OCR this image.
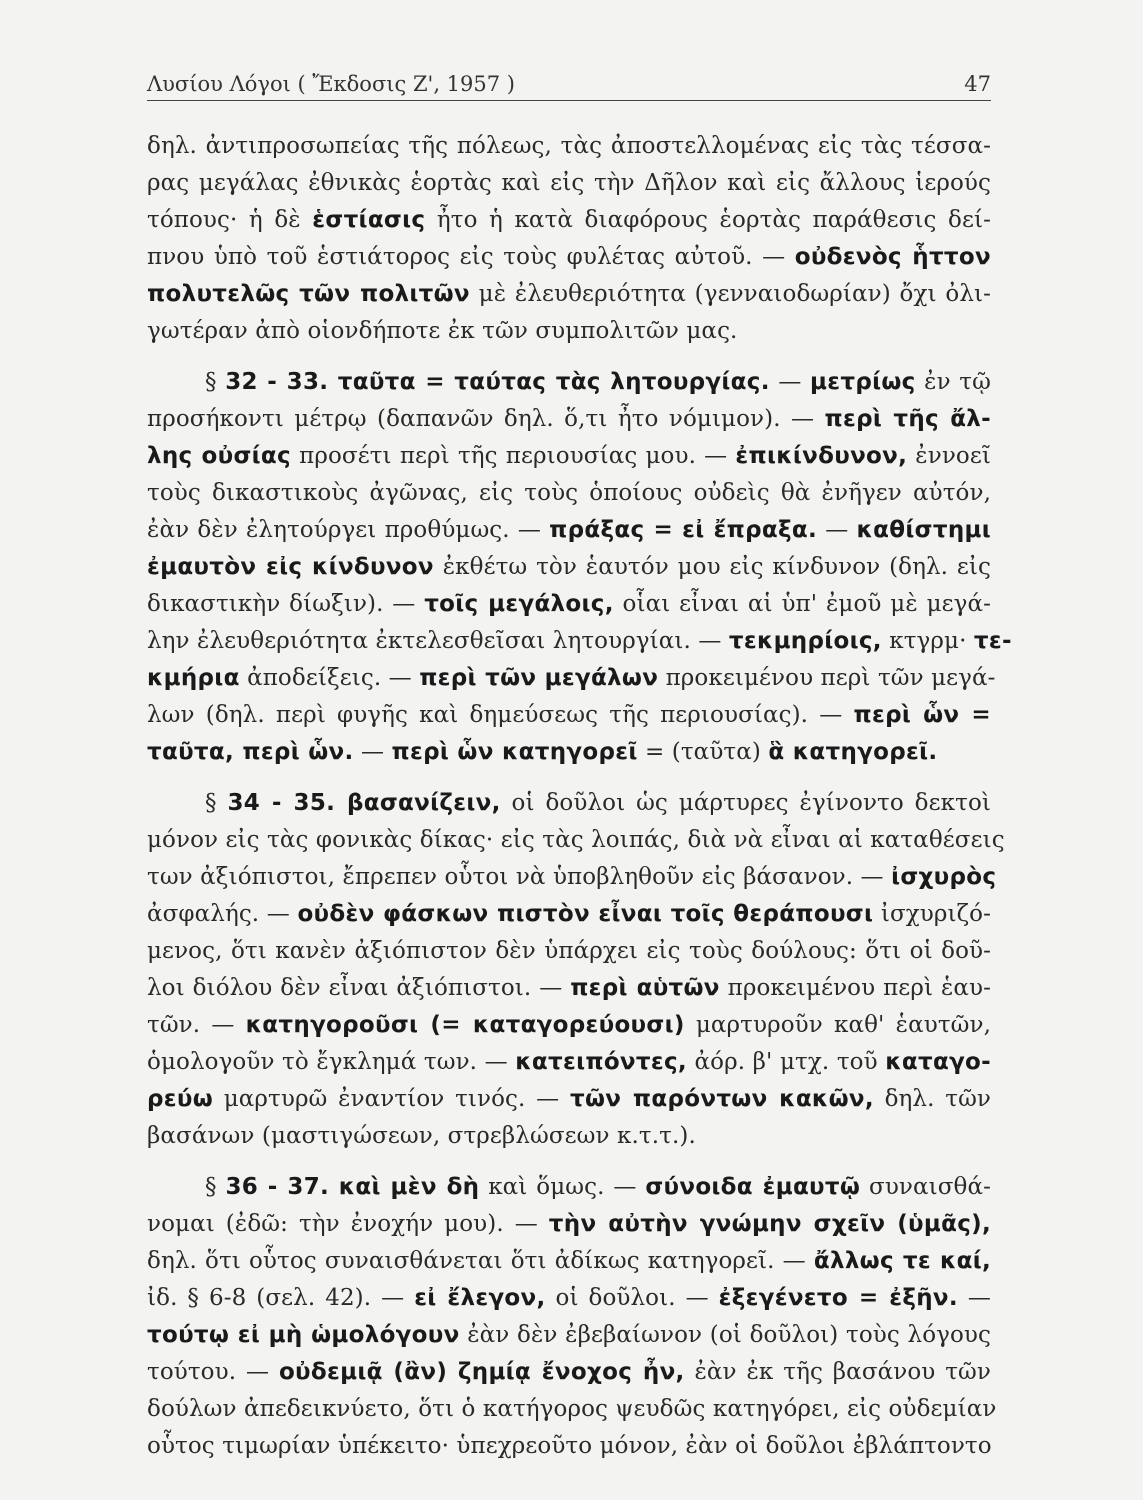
Λυσίου Λόγοι ( Ἔκδοσις Ζ', 1957 )	47
δηλ. ἀντιπροσωπείας τῆς πόλεως, τὰς ἀποστελλομένας εἰς τὰς τέσσα-
ρας μεγάλας ἐθνικὰς ἑορτὰς καὶ εἰς τὴν Δῆλον καὶ εἰς ἄλλους ἱερούς
τόπους· ἡ δὲ ἑστίασις ἦτο ἡ κατὰ διαφόρους ἑορτὰς παράθεσις δεί-
πνου ὑπὸ τοῦ ἑστιάτορος εἰς τοὺς φυλέτας αὐτοῦ. — οὐδενὸς ἧττον
πολυτελῶς τῶν πολιτῶν μὲ ἐλευθεριότητα (γενναιοδωρίαν) ὄχι ὀλι-
γωτέραν ἀπὸ οἱονδήποτε ἐκ τῶν συμπολιτῶν μας.
§ 32 - 33. ταῦτα = ταύτας τὰς λητουργίας. — μετρίως ἐν τῷ
προσήκοντι μέτρῳ (δαπανῶν δηλ. ὅ,τι ἦτο νόμιμον). — περὶ τῆς ἄλ-
λης οὐσίας προσέτι περὶ τῆς περιουσίας μου. — ἐπικίνδυνον, ἐννοεῖ
τοὺς δικαστικοὺς ἀγῶνας, εἰς τοὺς ὁποίους οὐδεὶς θὰ ἐνῆγεν αὐτόν,
ἐὰν δὲν ἐλητούργει προθύμως. — πράξας = εἰ ἔπραξα. — καθίστημι
ἐμαυτὸν εἰς κίνδυνον ἐκθέτω τὸν ἑαυτόν μου εἰς κίνδυνον (δηλ. εἰς
δικαστικὴν δίωξιν). — τοῖς μεγάλοις, οἷαι εἶναι αἱ ὑπ' ἐμοῦ μὲ μεγά-
λην ἐλευθεριότητα ἐκτελεσθεῖσαι λητουργίαι. — τεκμηρίοις, κτγρμ· τε-
κμήρια ἀποδείξεις. — περὶ τῶν μεγάλων προκειμένου περὶ τῶν μεγά-
λων (δηλ. περὶ φυγῆς καὶ δημεύσεως τῆς περιουσίας). — περὶ ὧν =
ταῦτα, περὶ ὧν. — περὶ ὧν κατηγορεῖ = (ταῦτα) ἃ κατηγορεῖ.
§ 34 - 35. βασανίζειν, οἱ δοῦλοι ὡς μάρτυρες ἐγίνοντο δεκτοὶ
μόνον εἰς τὰς φονικὰς δίκας· εἰς τὰς λοιπάς, διὰ νὰ εἶναι αἱ καταθέσεις
των ἀξιόπιστοι, ἔπρεπεν οὗτοι νὰ ὑποβληθοῦν εἰς βάσανον. — ἰσχυρὸς
ἀσφαλής. — οὐδὲν φάσκων πιστὸν εἶναι τοῖς θεράπουσι ἰσχυριζό-
μενος, ὅτι κανὲν ἀξιόπιστον δὲν ὑπάρχει εἰς τοὺς δούλους: ὅτι οἱ δοῦ-
λοι διόλου δὲν εἶναι ἀξιόπιστοι. — περὶ αὑτῶν προκειμένου περὶ ἑαυ-
τῶν. — κατηγοροῦσι (= καταγορεύουσι) μαρτυροῦν καθ' ἑαυτῶν,
ὁμολογοῦν τὸ ἔγκλημά των. — κατειπόντες, ἀόρ. β' μτχ. τοῦ καταγο-
ρεύω μαρτυρῶ ἐναντίον τινός. — τῶν παρόντων κακῶν, δηλ. τῶν
βασάνων (μαστιγώσεων, στρεβλώσεων κ.τ.τ.).
§ 36 - 37. καὶ μὲν δὴ καὶ ὅμως. — σύνοιδα ἐμαυτῷ συναισθά-
νομαι (ἐδῶ: τὴν ἐνοχήν μου). — τὴν αὐτὴν γνώμην σχεῖν (ὑμᾶς),
δηλ. ὅτι οὗτος συναισθάνεται ὅτι ἀδίκως κατηγορεῖ. — ἄλλως τε καί,
ἰδ. § 6-8 (σελ. 42). — εἰ ἔλεγον, οἱ δοῦλοι. — ἐξεγένετο = ἐξῆν. —
τούτῳ εἰ μὴ ὡμολόγουν ἐὰν δὲν ἐβεβαίωνον (οἱ δοῦλοι) τοὺς λόγους
τούτου. — οὐδεμιᾷ (ἂν) ζημίᾳ ἔνοχος ἦν, ἐὰν ἐκ τῆς βασάνου τῶν
δούλων ἀπεδεικνύετο, ὅτι ὁ κατήγορος ψευδῶς κατηγόρει, εἰς οὐδεμίαν
οὗτος τιμωρίαν ὑπέκειτο· ὑπεχρεοῦτο μόνον, ἐὰν οἱ δοῦλοι ἐβλάπτοντο
